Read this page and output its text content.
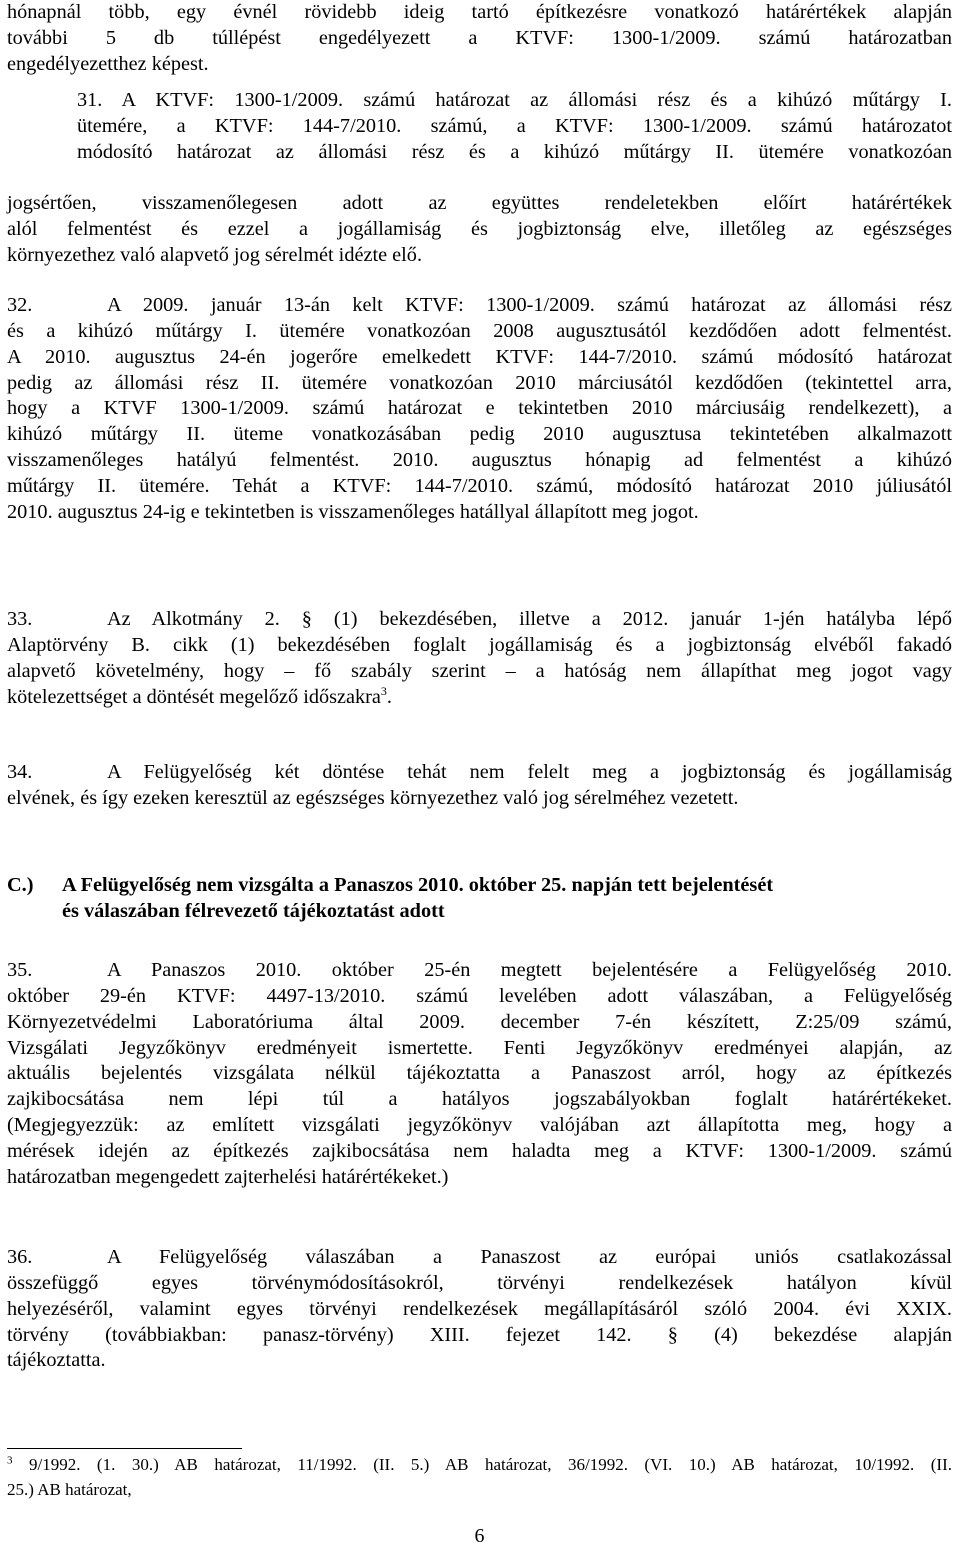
hónapnál több, egy évnél rövidebb ideig tartó építkezésre vonatkozó határértékek alapján
további 5 db túllépést engedélyezett a KTVF: 1300-1/2009. számú határozatban
engedélyezetthez képest.
31. A KTVF: 1300-1/2009. számú határozat az állomási rész és a kihúzó műtárgy I.
ütemére, a KTVF: 144-7/2010. számú, a KTVF: 1300-1/2009. számú határozatot
módosító határozat az állomási rész és a kihúzó műtárgy II. ütemére vonatkozóan
jogsértően, visszamenőlegesen adott az együttes rendeletekben előírt határértékek
alól felmentést és ezzel a jogállamiság és jogbiztonság elve, illetőleg az egészséges
környezethez való alapvető jog sérelmét idézte elő.
32.	A 2009. január 13-án kelt KTVF: 1300-1/2009. számú határozat az állomási rész
és a kihúzó műtárgy I. ütemére vonatkozóan 2008 augusztusától kezdődően adott felmentést.
A 2010. augusztus 24-én jogerőre emelkedett KTVF: 144-7/2010. számú módosító határozat
pedig az állomási rész II. ütemére vonatkozóan 2010 márciusától kezdődően (tekintettel arra,
hogy a KTVF 1300-1/2009. számú határozat e tekintetben 2010 márciusáig rendelkezett), a
kihúzó műtárgy II. üteme vonatkozásában pedig 2010 augusztusa tekintetében alkalmazott
visszamenőleges hatályú felmentést. 2010. augusztus hónapig ad felmentést a kihúzó
műtárgy II. ütemére. Tehát a KTVF: 144-7/2010. számú, módosító határozat 2010 júliusától
2010. augusztus 24-ig e tekintetben is visszamenőleges hatállyal állapított meg jogot.
33.	Az Alkotmány 2. § (1) bekezdésében, illetve a 2012. január 1-jén hatályba lépő
Alaptörvény B. cikk (1) bekezdésében foglalt jogállamiság és a jogbiztonság elvéből fakadó
alapvető követelmény, hogy – fő szabály szerint – a hatóság nem állapíthat meg jogot vagy
kötelezettséget a döntését megelőző időszakra$^3$.
34.	A Felügyelőség két döntése tehát nem felelt meg a jogbiztonság és jogállamiság
elvének, és így ezeken keresztül az egészséges környezethez való jog sérelméhez vezetett.
C.) A Felügyelőség nem vizsgálta a Panaszos 2010. október 25. napján tett bejelentését
és válaszában félrevezető tájékoztatást adott
35.	A Panaszos 2010. október 25-én megtett bejelentésére a Felügyelőség 2010.
október 29-én KTVF: 4497-13/2010. számú levelében adott válaszában, a Felügyelőség
Környezetvédelmi Laboratóriuma által 2009. december 7-én készített, Z:25/09 számú,
Vizsgálati Jegyzőkönyv eredményeit ismertette. Fenti Jegyzőkönyv eredményei alapján, az
aktuális bejelentés vizsgálata nélkül tájékoztatta a Panaszost arról, hogy az építkezés
zajkibocsátása nem lépi túl a hatályos jogszabályokban foglalt határértékeket.
(Megjegyezzük: az említett vizsgálati jegyzőkönyv valójában azt állapította meg, hogy a
mérések idején az építkezés zajkibocsátása nem haladta meg a KTVF: 1300-1/2009. számú
határozatban megengedett zajterhelési határértékeket.)
36.	A Felügyelőség válaszában a Panaszost az európai uniós csatlakozással
összefüggő egyes törvénymódosításokról, törvényi rendelkezések hatályon kívül
helyezéséről, valamint egyes törvényi rendelkezések megállapításáról szóló 2004. évi XXIX.
törvény (továbbiakban: panasz-törvény) XIII. fejezet 142. § (4) bekezdése alapján
tájékoztatta.
$^3$ 9/1992. (1. 30.) AB határozat, 11/1992. (II. 5.) AB határozat, 36/1992. (VI. 10.) AB határozat, 10/1992. (II.
25.) AB határozat,
6
